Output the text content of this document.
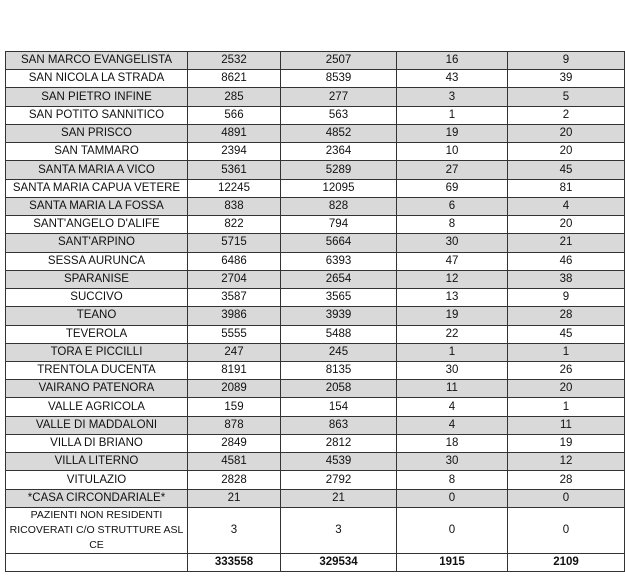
SAN MARCO EVANGELISTA	2532	2507	16	9
SAN NICOLA LA STRADA	8621	8539	43	39
SAN PIETRO INFINE	285	277	3	5
SAN POTITO SANNITICO	566	563	1	2
SAN PRISCO	4891	4852	19	20
SAN TAMMARO	2394	2364	10	20
SANTA MARIA A VICO	5361	5289	27	45
SANTA MARIA CAPUA VETERE	12245	12095	69	81
SANTA MARIA LA FOSSA	838	828	6	4
SANT'ANGELO D'ALIFE	822	794	8	20
SANT'ARPINO	5715	5664	30	21
SESSA AURUNCA	6486	6393	47	46
SPARANISE	2704	2654	12	38
SUCCIVO	3587	3565	13	9
TEANO	3986	3939	19	28
TEVEROLA	5555	5488	22	45
TORA E PICCILLI	247	245	1	1
TRENTOLA DUCENTA	8191	8135	30	26
VAIRANO PATENORA	2089	2058	11	20
VALLE AGRICOLA	159	154	4	1
VALLE DI MADDALONI	878	863	4	11
VILLA DI BRIANO	2849	2812	18	19
VILLA LITERNO	4581	4539	30	12
VITULAZIO	2828	2792	8	28
*CASA CIRCONDARIALE*	21	21	0	0
PAZIENTI NON RESIDENTI RICOVERATI C/O STRUTTURE ASL CE	3	3	0	0
	333558	329534	1915	2109
